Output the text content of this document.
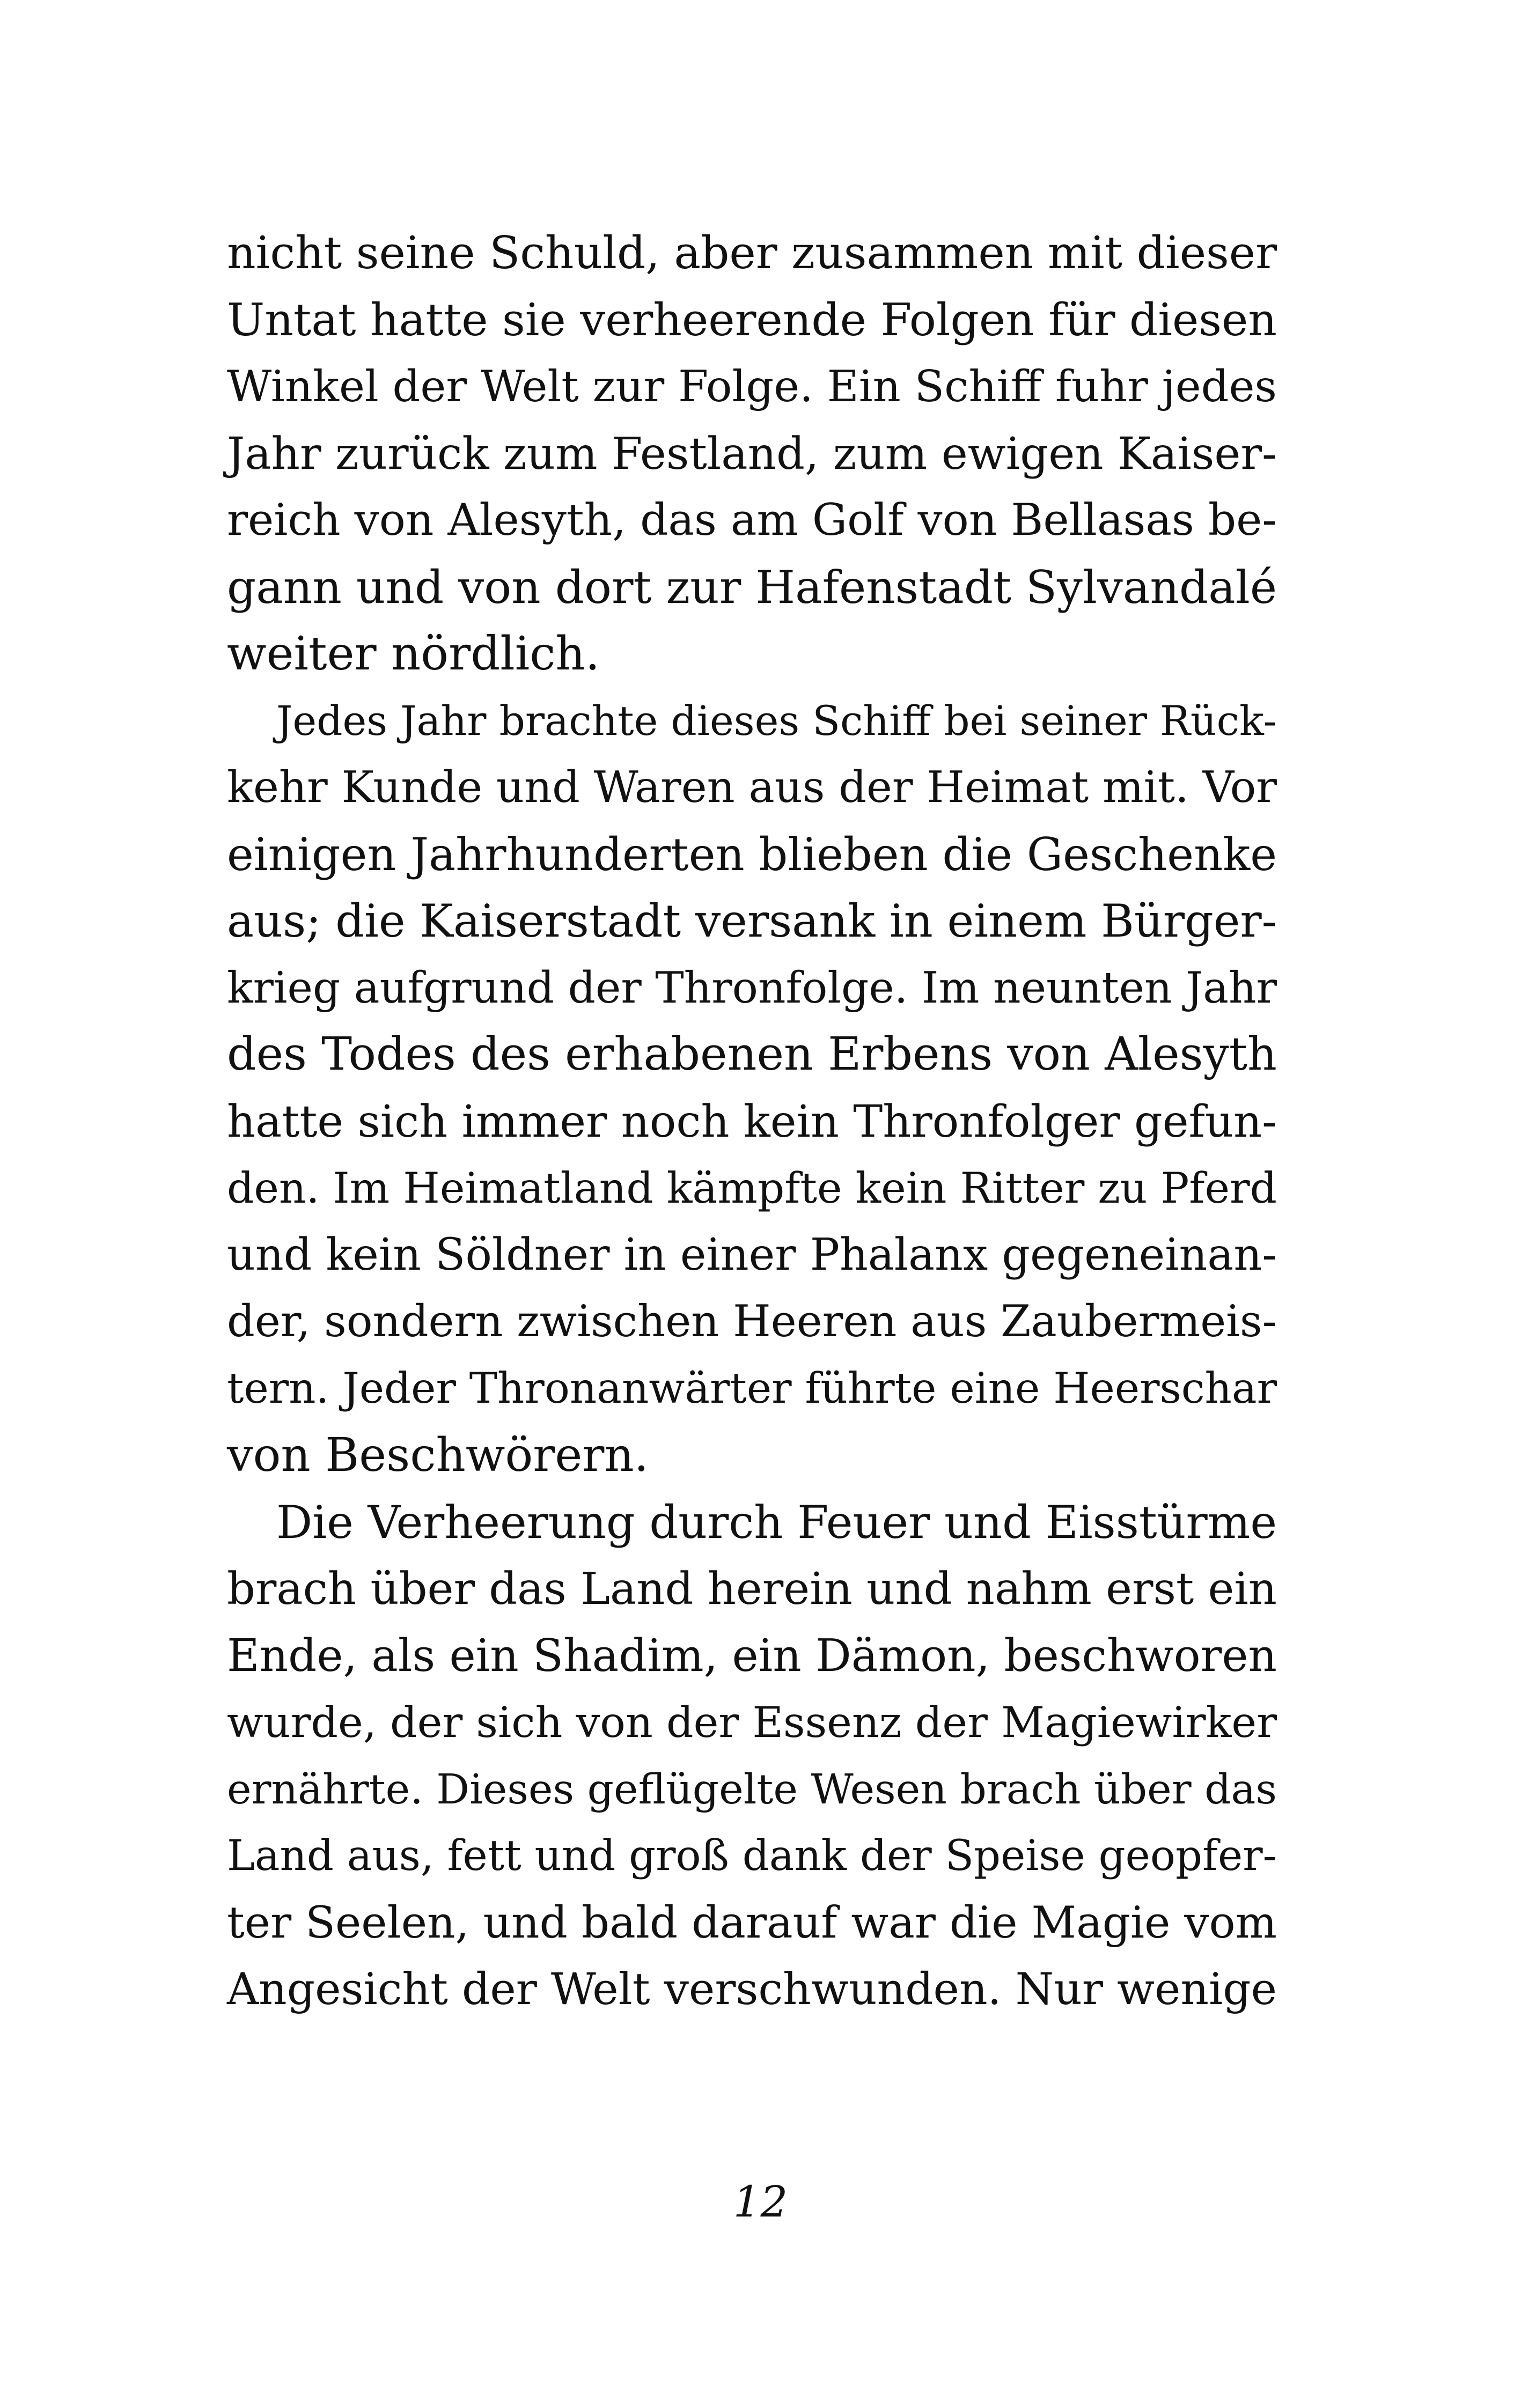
nicht seine Schuld, aber zusammen mit dieser
Untat hatte sie verheerende Folgen für diesen
Winkel der Welt zur Folge. Ein Schiff fuhr jedes
Jahr zurück zum Festland, zum ewigen Kaiser-
reich von Alesyth, das am Golf von Bellasas be-
gann und von dort zur Hafenstadt Sylvandalé
weiter nördlich.

Jedes Jahr brachte dieses Schiff bei seiner Rück-
kehr Kunde und Waren aus der Heimat mit. Vor
einigen Jahrhunderten blieben die Geschenke
aus; die Kaiserstadt versank in einem Bürger-
krieg aufgrund der Thronfolge. Im neunten Jahr
des Todes des erhabenen Erbens von Alesyth
hatte sich immer noch kein Thronfolger gefun-
den. Im Heimatland kämpfte kein Ritter zu Pferd
und kein Söldner in einer Phalanx gegeneinan-
der, sondern zwischen Heeren aus Zaubermeis-
tern. Jeder Thronanwärter führte eine Heerschar
von Beschwörern.

Die Verheerung durch Feuer und Eisstürme
brach über das Land herein und nahm erst ein
Ende, als ein Shadim, ein Dämon, beschworen
wurde, der sich von der Essenz der Magiewirker
ernährte. Dieses geflügelte Wesen brach über das
Land aus, fett und groß dank der Speise geopfer-
ter Seelen, und bald darauf war die Magie vom
Angesicht der Welt verschwunden. Nur wenige

12
